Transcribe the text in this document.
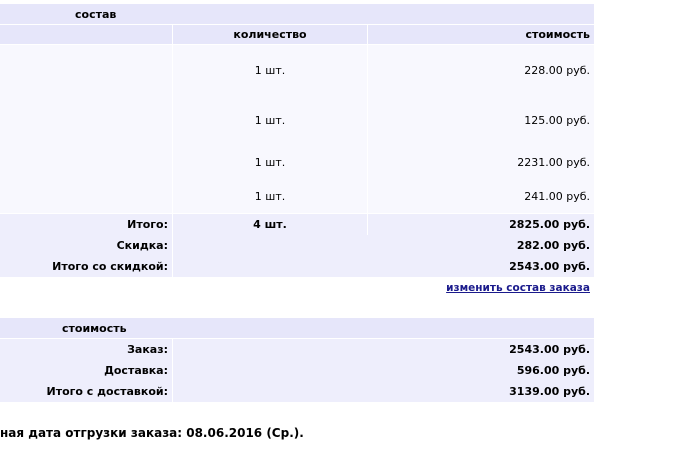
состав
количество	стоимость
1 шт.	228.00 руб.
1 шт.	125.00 руб.
1 шт.	2231.00 руб.
1 шт.	241.00 руб.
Итого:	4 шт.	2825.00 руб.
Скидка:	282.00 руб.
Итого со скидкой:	2543.00 руб.
изменить состав заказа
стоимость
Заказ:	2543.00 руб.
Доставка:	596.00 руб.
Итого с доставкой:	3139.00 руб.
ная дата отгрузки заказа: 08.06.2016 (Ср.).
